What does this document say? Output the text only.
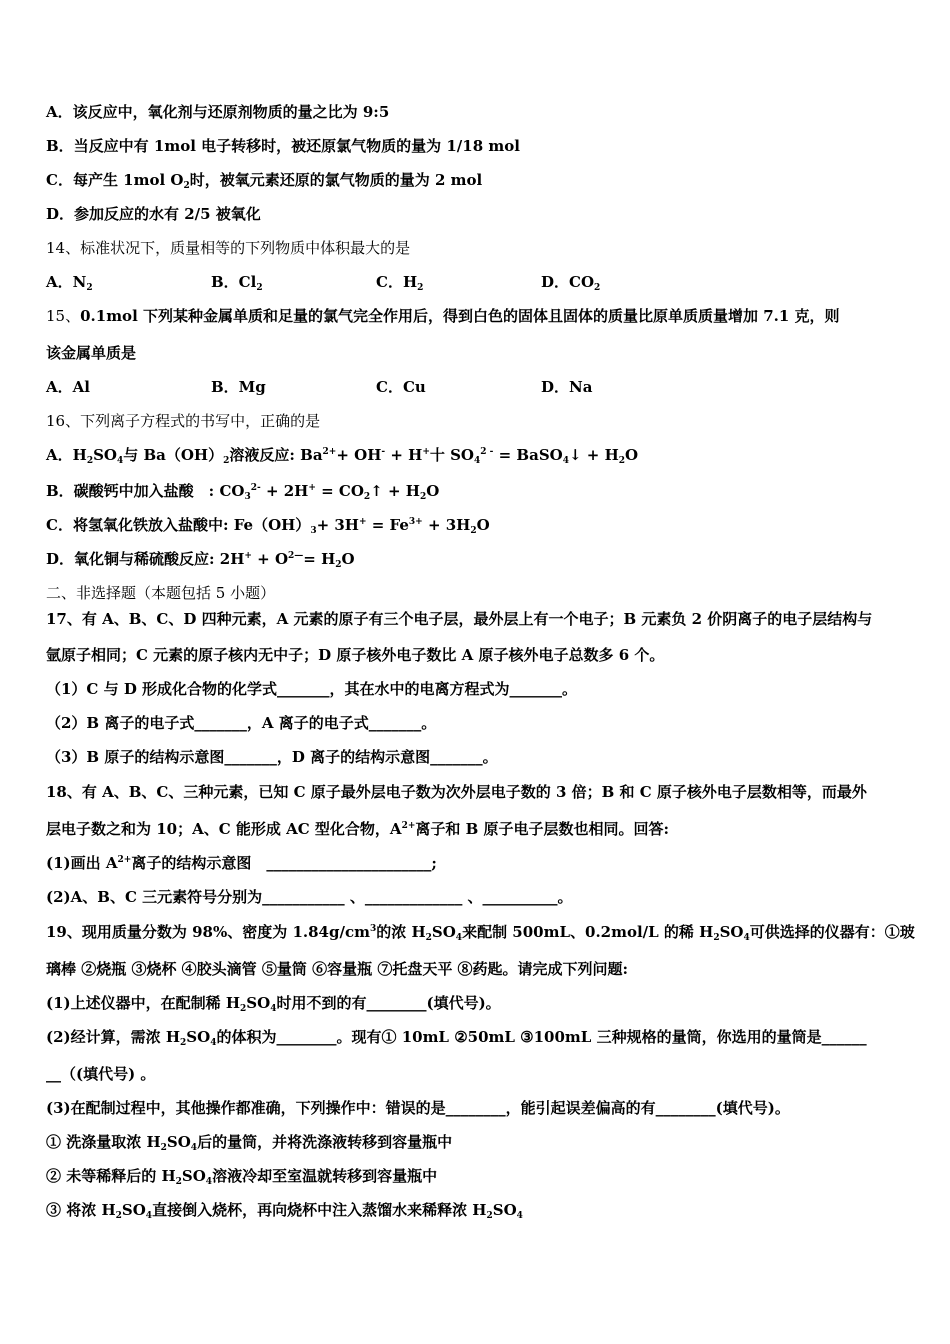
A．该反应中，氧化剂与还原剂物质的量之比为 9:5
B．当反应中有 1mol 电子转移时，被还原氯气物质的量为 1/18 mol
C．每产生 1mol $O_2$时，被氧元素还原的氯气物质的量为 2 mol
D．参加反应的水有 2/5 被氧化
14、标准状况下，质量相等的下列物质中体积最大的是
A．$N_2$	B．$Cl_2$	C．$H_2$	D．$CO_2$
15、0.1mol 下列某种金属单质和足量的氯气完全作用后，得到白色的固体且固体的质量比原单质质量增加 7.1 克，则
该金属单质是
A．Al	B．Mg	C．Cu	D．Na
16、下列离子方程式的书写中，正确的是
A．$H_2SO_4$与 $Ba(OH)_2$溶液反应: $Ba^{2+}+ OH^- + H^+$十 $SO_4^{2 -}$ = BaSO$_4$↓ + $H_2O$
B．碳酸钙中加入盐酸　: $CO_3^{2-} + 2H^+$ = $CO_2↑ + H_2O$
C．将氢氧化铁放入盐酸中: $Fe(OH)_3+ 3H^+ = Fe^{3+} + 3H_2O$
D．氧化铜与稀硫酸反应: $2H^+ + O^{2—}= H_2O$
二、非选择题（本题包括 5 小题）
17、有 A、B、C、D 四种元素，A 元素的原子有三个电子层，最外层上有一个电子；B 元素负 2 价阴离子的电子层结构与
氩原子相同；C 元素的原子核内无中子；D 原子核外电子数比 A 原子核外电子总数多 6 个。
（1）C 与 D 形成化合物的化学式_______，其在水中的电离方程式为_______。
（2）B 离子的电子式_______，A 离子的电子式_______。
（3）B 原子的结构示意图_______，D 离子的结构示意图_______。
18、有 A、B、C、三种元素，已知 C 原子最外层电子数为次外层电子数的 3 倍；B 和 C 原子核外电子层数相等，而最外
层电子数之和为 10；A、C 能形成 AC 型化合物，$A^{2+}$离子和 B 原子电子层数也相同。回答:
(1)画出 $A^{2+}$离子的结构示意图　______________________;
(2)A、B、C 三元素符号分别为___________ 、_____________ 、__________。
19、现用质量分数为 98%、密度为 $1.84g/cm^3$的浓 $H_2SO_4$来配制 500mL、0.2mol/L 的稀 $H_2SO_4$可供选择的仪器有：①玻
璃棒 ②烧瓶 ③烧杯 ④胶头滴管 ⑤量筒 ⑥容量瓶 ⑦托盘天平 ⑧药匙。请完成下列问题:
(1)上述仪器中，在配制稀 $H_2SO_4$时用不到的有________(填代号)。
(2)经计算，需浓 $H_2SO_4$的体积为________。现有① 10mL ②50mL ③100mL 三种规格的量筒，你选用的量筒是______
__（(填代号) 。
(3)在配制过程中，其他操作都准确，下列操作中：错误的是________，能引起误差偏高的有________(填代号)。
① 洗涤量取浓 $H_2SO_4$后的量筒，并将洗涤液转移到容量瓶中
② 未等稀释后的 $H_2SO_4$溶液冷却至室温就转移到容量瓶中
③ 将浓 $H_2SO_4$直接倒入烧杯，再向烧杯中注入蒸馏水来稀释浓 $H_2SO_4$
